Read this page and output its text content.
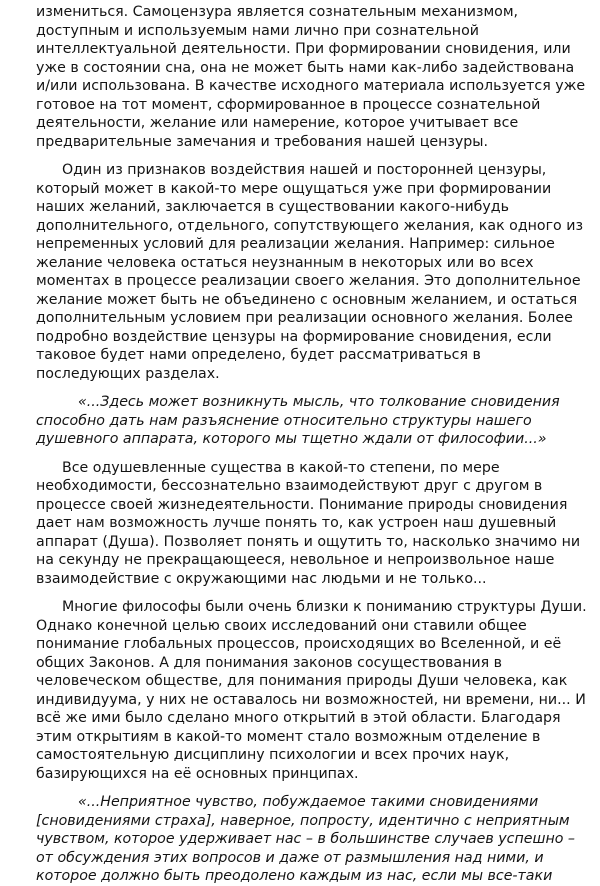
измениться. Самоцензура является сознательным механизмом, доступным и используемым нами лично при сознательной интеллектуальной деятельности. При формировании сновидения, или уже в состоянии сна, она не может быть нами как-либо задействована и/или использована. В качестве исходного материала используется уже готовое на тот момент, сформированное в процессе сознательной деятельности, желание или намерение, которое учитывает все предварительные замечания и требования нашей цензуры.

Один из признаков воздействия нашей и посторонней цензуры, который может в какой-то мере ощущаться уже при формировании наших желаний, заключается в существовании какого-нибудь дополнительного, отдельного, сопутствующего желания, как одного из непременных условий для реализации желания. Например: сильное желание человека остаться неузнанным в некоторых или во всех моментах в процессе реализации своего желания. Это дополнительное желание может быть не объединено с основным желанием, и остаться дополнительным условием при реализации основного желания. Более подробно воздействие цензуры на формирование сновидения, если таковое будет нами определено, будет рассматриваться в последующих разделах.

«...Здесь может возникнуть мысль, что толкование сновидения способно дать нам разъяснение относительно структуры нашего душевного аппарата, которого мы тщетно ждали от философии...»

Все одушевленные существа в какой-то степени, по мере необходимости, бессознательно взаимодействуют друг с другом в процессе своей жизнедеятельности. Понимание природы сновидения дает нам возможность лучше понять то, как устроен наш душевный аппарат (Душа). Позволяет понять и ощутить то, насколько значимо ни на секунду не прекращающееся, невольное и непроизвольное наше взаимодействие с окружающими нас людьми и не только...

Многие философы были очень близки к пониманию структуры Души. Однако конечной целью своих исследований они ставили общее понимание глобальных процессов, происходящих во Вселенной, и её общих Законов. А для понимания законов сосуществования в человеческом обществе, для понимания природы Души человека, как индивидуума, у них не оставалось ни возможностей, ни времени, ни... И всё же ими было сделано много открытий в этой области. Благодаря этим открытиям в какой-то момент стало возможным отделение в самостоятельную дисциплину психологии и всех прочих наук, базирующихся на её основных принципах.

«...Неприятное чувство, побуждаемое такими сновидениями [сновидениями страха], наверное, попросту, идентично с неприятным чувством, которое удерживает нас – в большинстве случаев успешно – от обсуждения этих вопросов и даже от размышления над ними, и которое должно быть преодолено каждым из нас, если мы все-таки
